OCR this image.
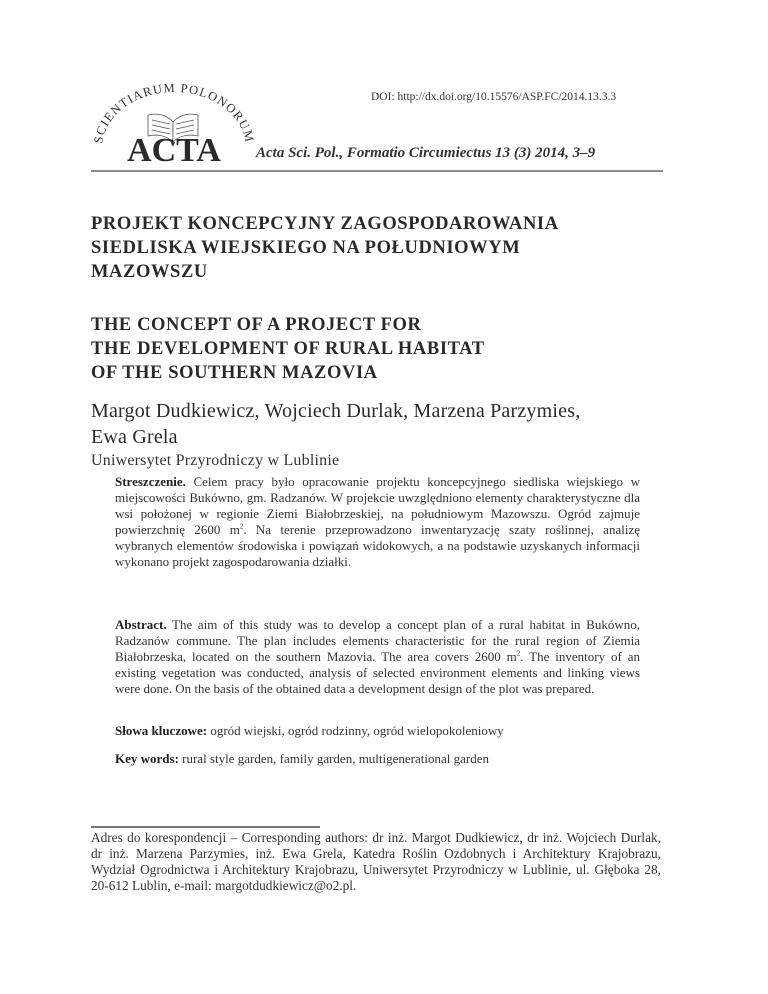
SCIENTIARUM POLONORUM
ACTA
DOI: http://dx.doi.org/10.15576/ASP.FC/2014.13.3.3
Acta Sci. Pol., Formatio Circumiectus 13 (3) 2014, 3–9
PROJEKT KONCEPCYJNY ZAGOSPODAROWANIA
SIEDLISKA WIEJSKIEGO NA POŁUDNIOWYM
MAZOWSZU
THE CONCEPT OF A PROJECT FOR
THE DEVELOPMENT OF RURAL HABITAT
OF THE SOUTHERN MAZOVIA
Margot Dudkiewicz, Wojciech Durlak, Marzena Parzymies,
Ewa Grela
Uniwersytet Przyrodniczy w Lublinie
Streszczenie. Celem pracy było opracowanie projektu koncepcyjnego siedliska wiejskiego w miejscowości Bukówno, gm. Radzanów. W projekcie uwzględniono elementy charakterystyczne dla wsi położonej w regionie Ziemi Białobrzeskiej, na południowym Mazowszu. Ogród zajmuje powierzchnię 2600 $m^2$. Na terenie przeprowadzono inwentaryzację szaty roślinnej, analizę wybranych elementów środowiska i powiązań widokowych, a na podstawie uzyskanych informacji wykonano projekt zagospodarowania działki.
Abstract. The aim of this study was to develop a concept plan of a rural habitat in Bukówno, Radzanów commune. The plan includes elements characteristic for the rural region of Ziemia Białobrzeska, located on the southern Mazovia. The area covers 2600 $m^2$. The inventory of an existing vegetation was conducted, analysis of selected environment elements and linking views were done. On the basis of the obtained data a development design of the plot was prepared.
Słowa kluczowe: ogród wiejski, ogród rodzinny, ogród wielopokoleniowy
Key words: rural style garden, family garden, multigenerational garden
Adres do korespondencji – Corresponding authors: dr inż. Margot Dudkiewicz, dr inż. Wojciech Durlak, dr inż. Marzena Parzymies, inż. Ewa Grela, Katedra Roślin Ozdobnych i Architektury Krajobrazu, Wydział Ogrodnictwa i Architektury Krajobrazu, Uniwersytet Przyrodniczy w Lublinie, ul. Głęboka 28, 20-612 Lublin, e-mail: margotdudkiewicz@o2.pl.
